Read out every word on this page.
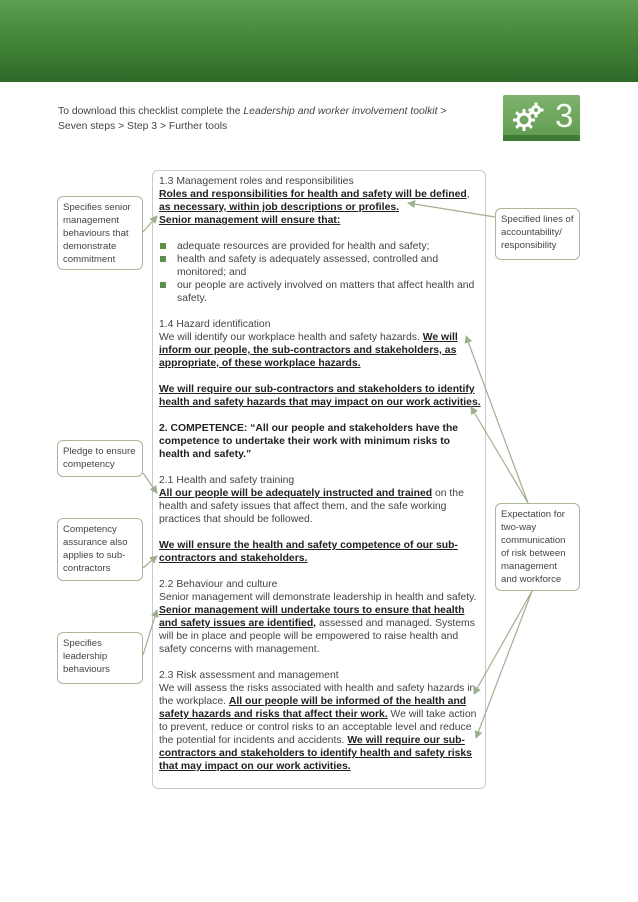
To download this checklist complete the Leadership and worker involvement toolkit >
Seven steps > Step 3 > Further tools	3

1.3 Management roles and responsibilities

Roles and responsibilities for health and safety will be defined,

as necessary, within job descriptions or profiles.

Senior management will ensure that:

adequate resources are provided for health and safety;
health and safety is adequately assessed, controlled and monitored; and
our people are actively involved on matters that affect health and safety.

1.4 Hazard identification

We will identify our workplace health and safety hazards. We will inform our people, the sub-contractors and stakeholders, as appropriate, of these workplace hazards.

We will require our sub-contractors and stakeholders to identify health and safety hazards that may impact on our work activities.

2. COMPETENCE: “All our people and stakeholders have the competence to undertake their work with minimum risks to health and safety.”

2.1 Health and safety training

All our people will be adequately instructed and trained on the health and safety issues that affect them, and the safe working practices that should be followed.

We will ensure the health and safety competence of our sub-contractors and stakeholders.

2.2 Behaviour and culture

Senior management will demonstrate leadership in health and safety. Senior management will undertake tours to ensure that health and safety issues are identified, assessed and managed. Systems will be in place and people will be empowered to raise health and safety concerns with management.

2.3 Risk assessment and management

We will assess the risks associated with health and safety hazards in the workplace. All our people will be informed of the health and safety hazards and risks that affect their work. We will take action to prevent, reduce or control risks to an acceptable level and reduce the potential for incidents and accidents. We will require our sub-contractors and stakeholders to identify health and safety risks that may impact on our work activities.

Specifies senior management behaviours that demonstrate commitment
Pledge to ensure competency
Competency assurance also applies to sub-contractors
Specifies leadership behaviours
Specified lines of accountability/ responsibility
Expectation for two-way communication of risk between management and workforce
